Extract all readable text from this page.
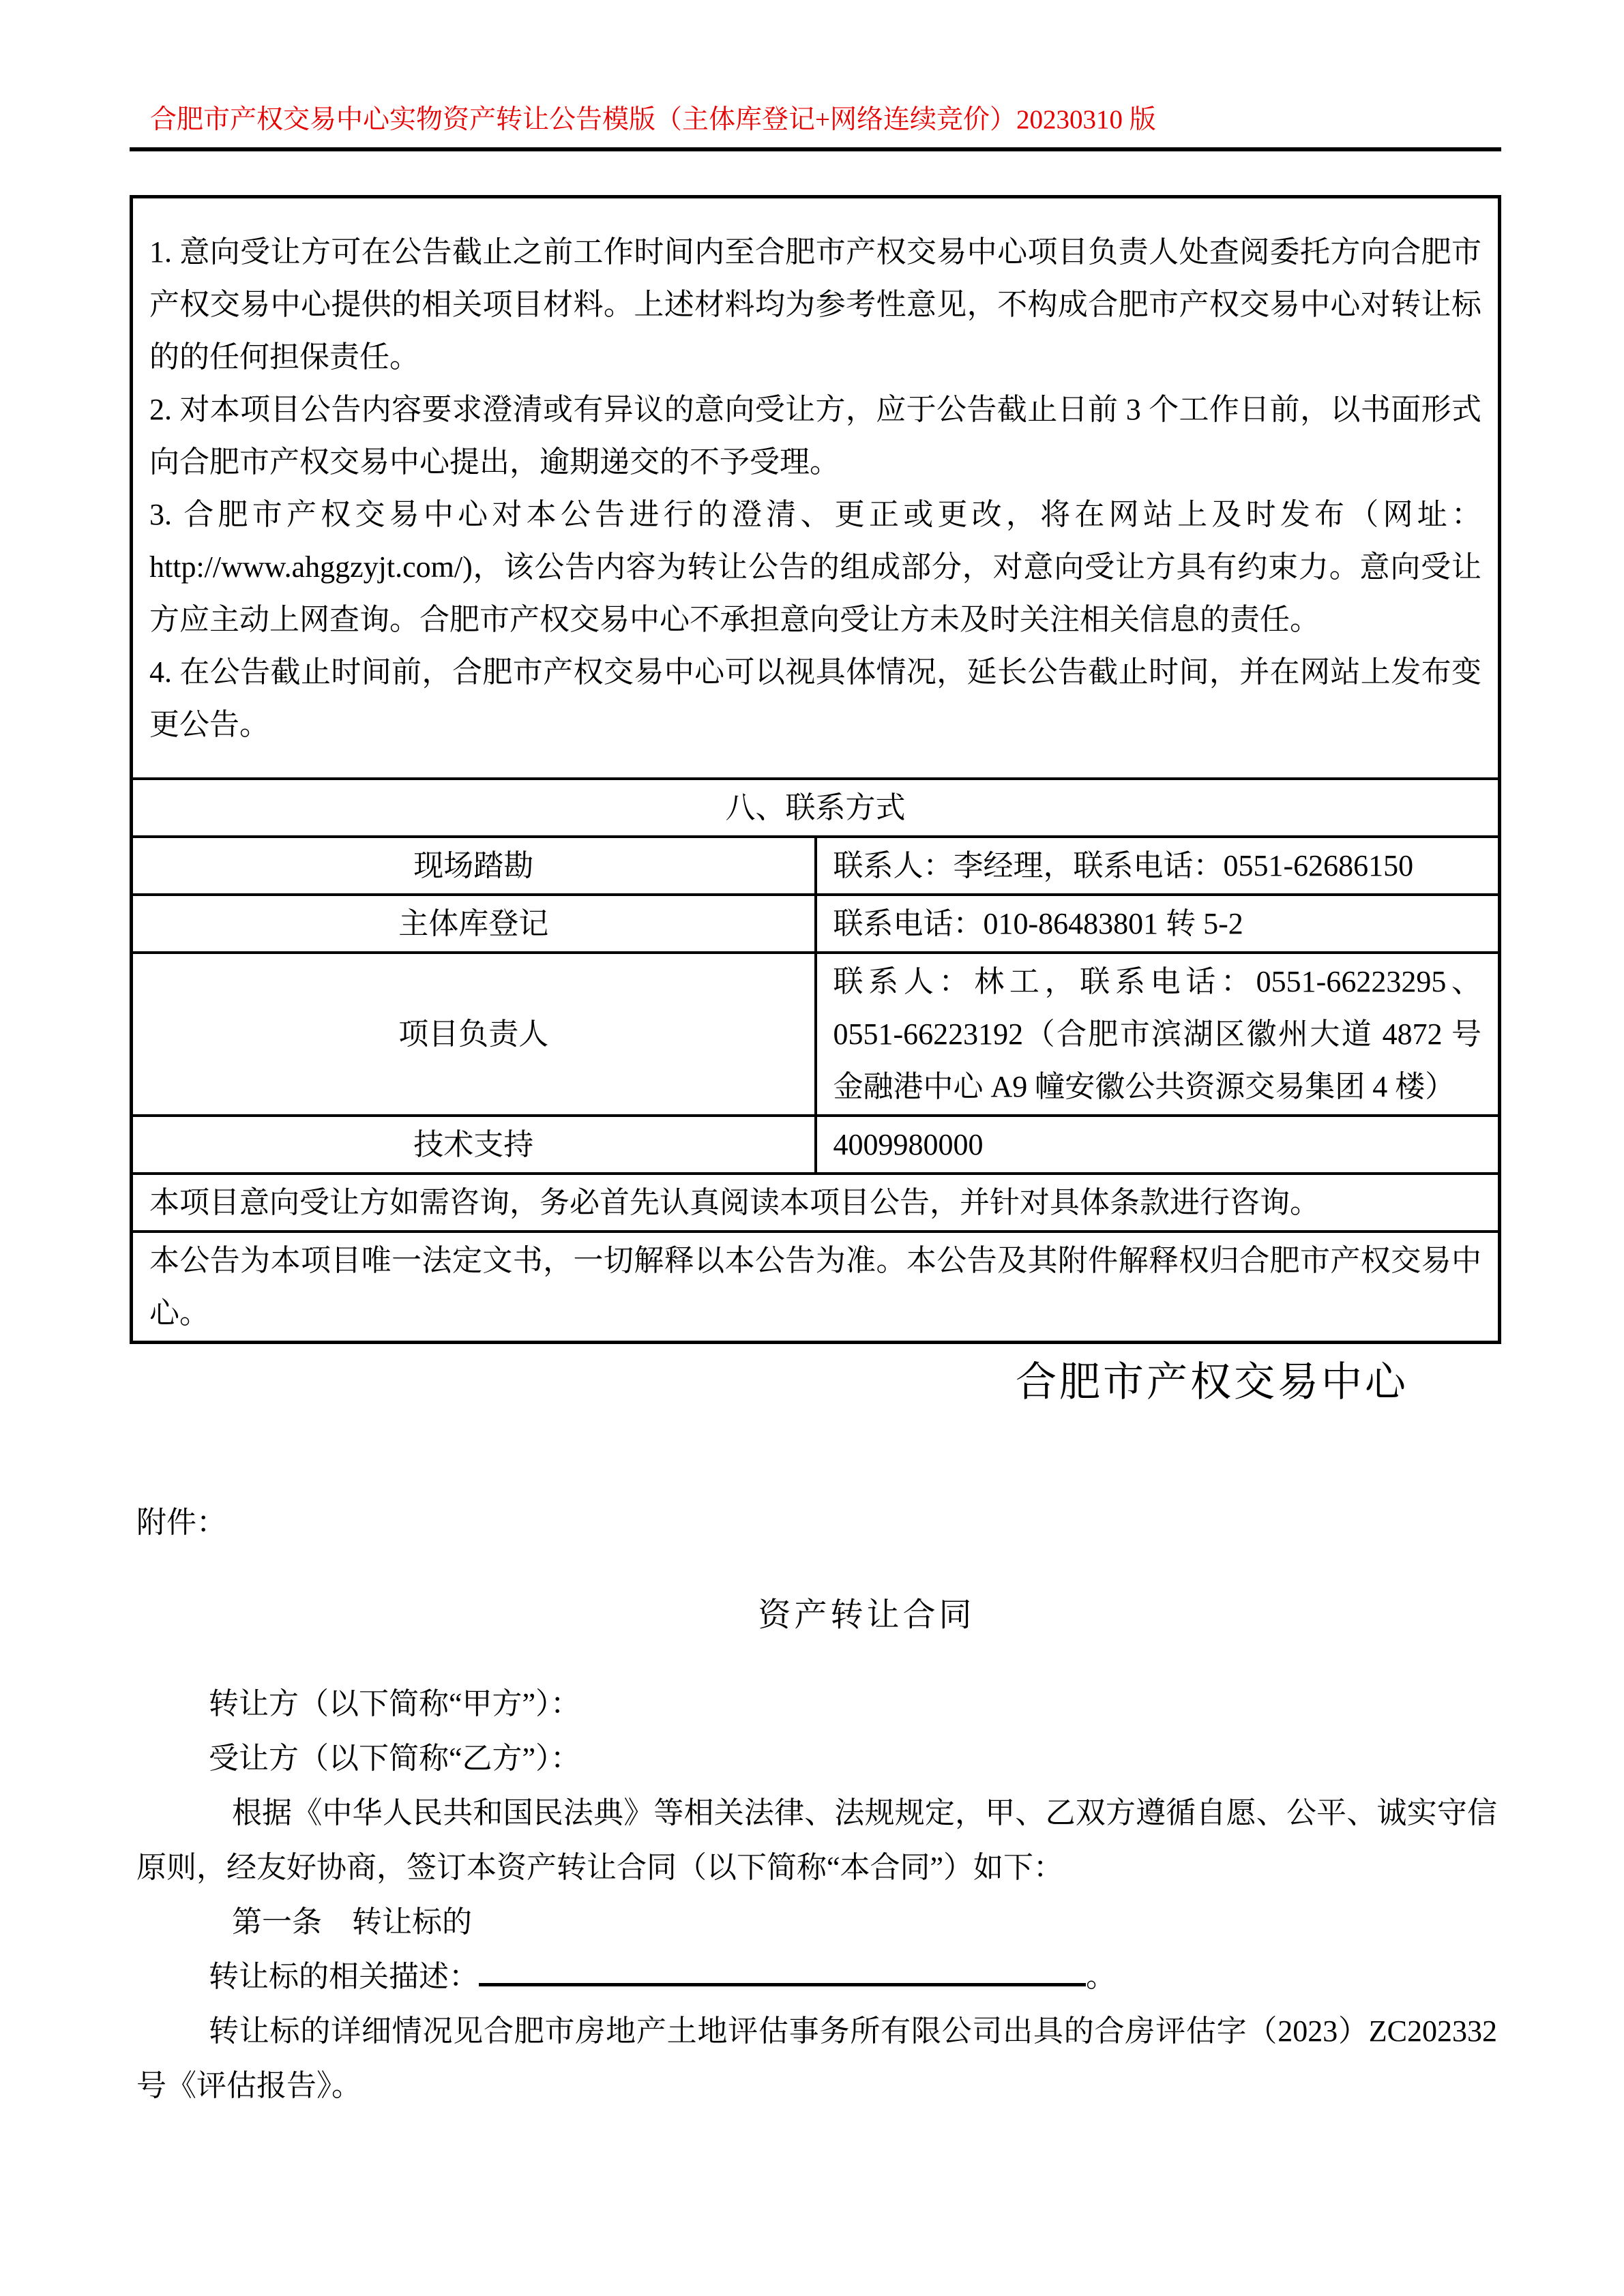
合肥市产权交易中心实物资产转让公告模版（主体库登记+网络连续竞价）20230310 版

1. 意向受让方可在公告截止之前工作时间内至合肥市产权交易中心项目负责人处查阅委托方向合肥市产权交易中心提供的相关项目材料。上述材料均为参考性意见，不构成合肥市产权交易中心对转让标的的任何担保责任。

2. 对本项目公告内容要求澄清或有异议的意向受让方，应于公告截止日前 3 个工作日前，以书面形式向合肥市产权交易中心提出，逾期递交的不予受理。

3. 合肥市产权交易中心对本公告进行的澄清、更正或更改，将在网站上及时发布（网址：http://www.ahggzyjt.com/)，该公告内容为转让公告的组成部分，对意向受让方具有约束力。意向受让方应主动上网查询。合肥市产权交易中心不承担意向受让方未及时关注相关信息的责任。

4. 在公告截止时间前，合肥市产权交易中心可以视具体情况，延长公告截止时间，并在网站上发布变更公告。	

八、联系方式	
现场踏勘	联系人：李经理，联系电话：0551-62686150
主体库登记	联系电话：010-86483801 转 5-2
项目负责人	联系人：林工，联系电话：0551-66223295、0551-66223192（合肥市滨湖区徽州大道 4872 号金融港中心 A9 幢安徽公共资源交易集团 4 楼）
技术支持	4009980000
本项目意向受让方如需咨询，务必首先认真阅读本项目公告，并针对具体条款进行咨询。	
本公告为本项目唯一法定文书，一切解释以本公告为准。本公告及其附件解释权归合肥市产权交易中心。	
合肥市产权交易中心
附件：
资产转让合同

转让方（以下简称“甲方”）：

受让方（以下简称“乙方”）：

根据《中华人民共和国民法典》等相关法律、法规规定，甲、乙双方遵循自愿、公平、诚实守信原则，经友好协商，签订本资产转让合同（以下简称“本合同”）如下：

第一条　转让标的

转让标的相关描述：	。

转让标的详细情况见合肥市房地产土地评估事务所有限公司出具的合房评估字（2023）ZC202332 号《评估报告》。
